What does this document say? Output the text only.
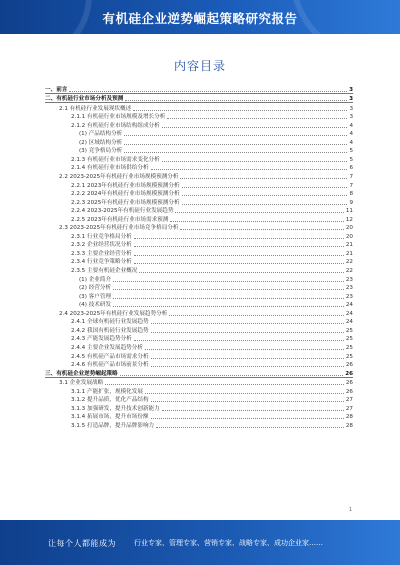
有机硅企业逆势崛起策略研究报告
内容目录
一、前言	3
二、有机硅行业市场分析及预测	3
2.1 有机硅行业发展现状概述	3
2.1.1 有机硅行业市场规模及增长分析	3
2.1.2 有机硅行业市场结构组成分析	4
(1) 产品结构分析	4
(2) 区域结构分析	4
(3) 竞争格局分析	5
2.1.3 有机硅行业市场需求变化分析	5
2.1.4 有机硅行业市场供给分析	6
2.2 2023-2025年有机硅行业市场规模预测分析	7
2.2.1 2023年有机硅行业市场规模预测分析	7
2.2.2 2024年有机硅行业市场规模预测分析	8
2.2.3 2025年有机硅行业市场规模预测分析	9
2.2.4 2023-2025年有机硅行业发展趋势	11
2.2.5 2023年有机硅行业市场需求预测	12
2.3 2023-2025年有机硅行业市场竞争格局分析	20
2.3.1 行业竞争格局分析	20
2.3.2 企业经营状况分析	21
2.3.3 主要企业经营分析	21
2.3.4 行业竞争策略分析	22
2.3.5 主要有机硅企业概况	22
(1) 企业简介	23
(2) 经营分析	23
(3) 客户管理	23
(4) 技术研发	24
2.4 2023-2025年有机硅行业发展趋势分析	24
2.4.1 全球有机硅行业发展趋势	24
2.4.2 我国有机硅行业发展趋势	25
2.4.3 产能发展趋势分析	25
2.4.4 主要企业发展趋势分析	25
2.4.5 有机硅产品市场需求分析	25
2.4.6 有机硅产品市场前景分析	26
三、有机硅企业逆势崛起策略	26
3.1 企业发展战略	26
3.1.1 产能扩张，规模化发展	26
3.1.2 提升品质，优化产品结构	27
3.1.3 加强研发，提升技术创新能力	27
3.1.4 拓展市场，提升市场份额	28
3.1.5 打造品牌，提升品牌影响力	28
1
让每个人都能成为	行业专家、管理专家、营销专家、战略专家、成功企业家……
